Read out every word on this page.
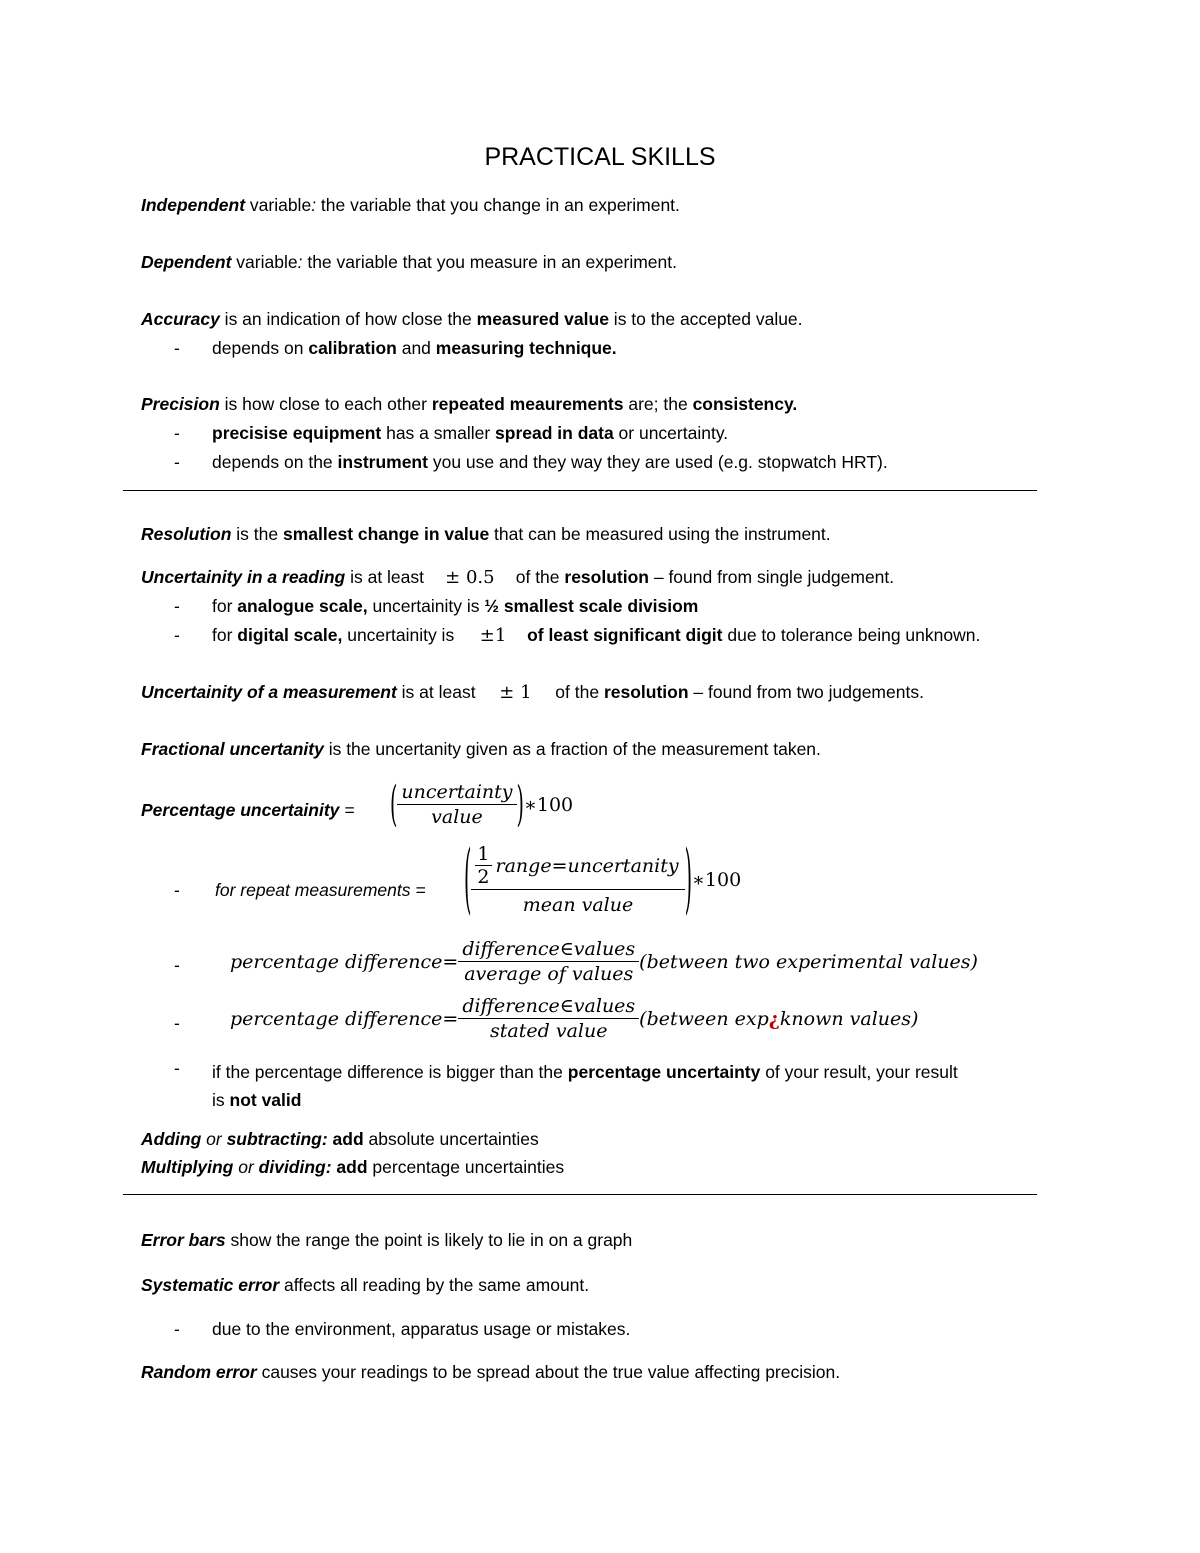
PRACTICAL SKILLS
Independent variable: the variable that you change in an experiment.
Dependent variable: the variable that you measure in an experiment.
Accuracy is an indication of how close the measured value is to the accepted value.
- depends on calibration and measuring technique.
Precision is how close to each other repeated meaurements are; the consistency.
- precisise equipment has a smaller spread in data or uncertainty.
- depends on the instrument you use and they way they are used (e.g. stopwatch HRT).
Resolution is the smallest change in value that can be measured using the instrument.
Uncertainity in a reading is at least ± 0.5 of the resolution – found from single judgement.
- for analogue scale, uncertainity is ½ smallest scale divisiom
- for digital scale, uncertainity is ±1 of least significant digit due to tolerance being unknown.
Uncertainity of a measurement is at least ± 1 of the resolution – found from two judgements.
Fractional uncertanity is the uncertanity given as a fraction of the measurement taken.
Percentage uncertainity = ( $\frac{\text{uncertainty}}{\text{value}}$ ) ∗100
- for repeat measurements = ( $\frac{\frac{1}{2} range=uncertanity}{\text{mean value}}$ ) ∗100
-	percentage difference= $\frac{\text{difference∈values}}{\text{average of values}}$ (between two experimental values)
-	percentage difference= $\frac{\text{difference∈values}}{\text{stated value}}$ (between exp ¿ known values)
- if the percentage difference is bigger than the percentage uncertainty of your result, your result
is not valid
Adding or subtracting: add absolute uncertainties
Multiplying or dividing: add percentage uncertainties
Error bars show the range the point is likely to lie in on a graph
Systematic error affects all reading by the same amount.
- due to the environment, apparatus usage or mistakes.
Random error causes your readings to be spread about the true value affecting precision.
